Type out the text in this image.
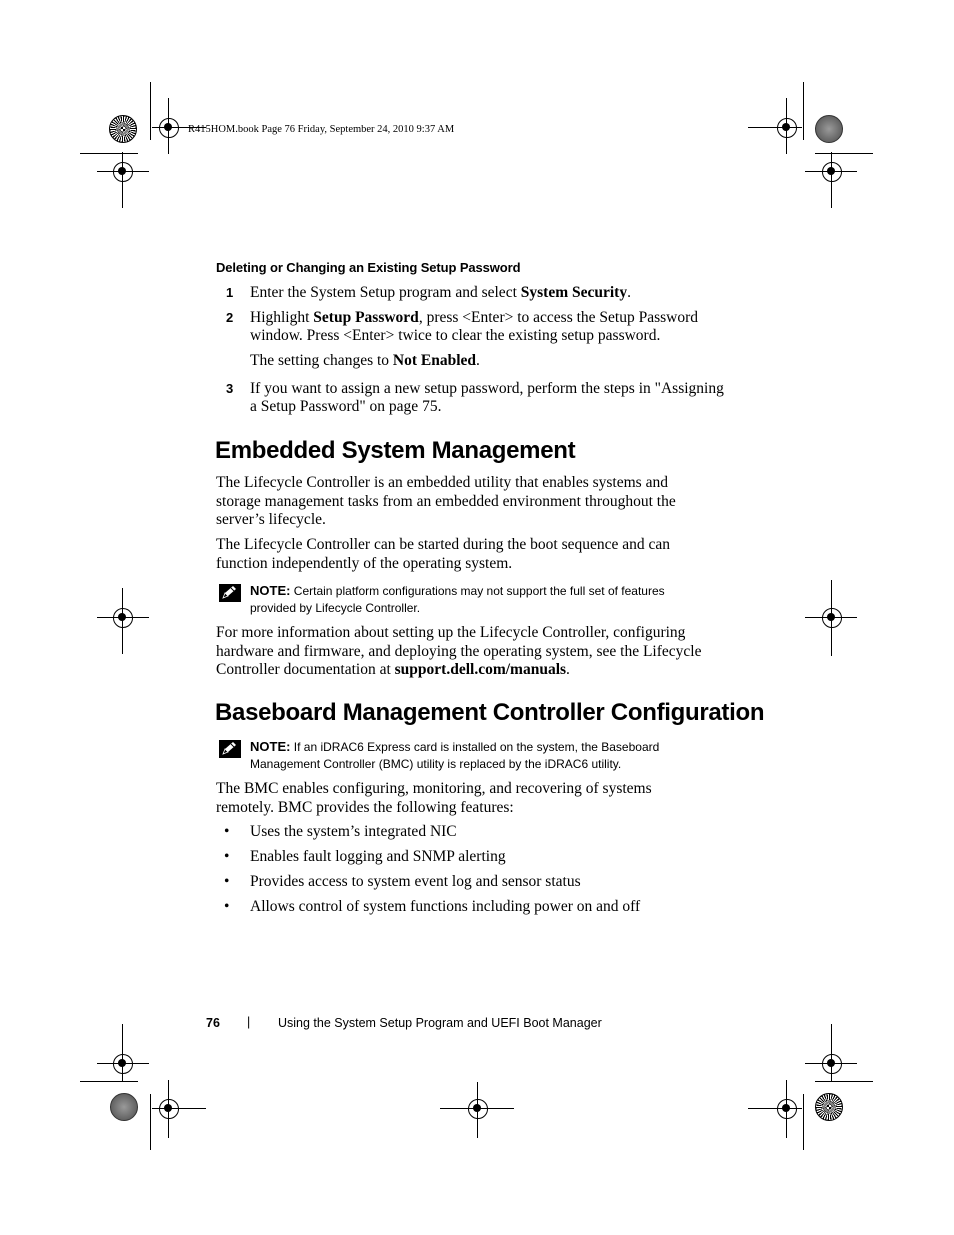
R415HOM.book Page 76 Friday, September 24, 2010 9:37 AM
Deleting or Changing an Existing Setup Password
1 Enter the System Setup program and select System Security.
2 Highlight Setup Password, press <Enter> to access the Setup Password
window. Press <Enter> twice to clear the existing setup password.
The setting changes to Not Enabled.
3 If you want to assign a new setup password, perform the steps in "Assigning
a Setup Password" on page 75.
Embedded System Management
The Lifecycle Controller is an embedded utility that enables systems and
storage management tasks from an embedded environment throughout the
server’s lifecycle.
The Lifecycle Controller can be started during the boot sequence and can
function independently of the operating system.
NOTE: Certain platform configurations may not support the full set of features
provided by Lifecycle Controller.
For more information about setting up the Lifecycle Controller, configuring
hardware and firmware, and deploying the operating system, see the Lifecycle
Controller documentation at support.dell.com/manuals.
Baseboard Management Controller Configuration
NOTE: If an iDRAC6 Express card is installed on the system, the Baseboard
Management Controller (BMC) utility is replaced by the iDRAC6 utility.
The BMC enables configuring, monitoring, and recovering of systems
remotely. BMC provides the following features:
• Uses the system’s integrated NIC
• Enables fault logging and SNMP alerting
• Provides access to system event log and sensor status
• Allows control of system functions including power on and off
76 | Using the System Setup Program and UEFI Boot Manager
